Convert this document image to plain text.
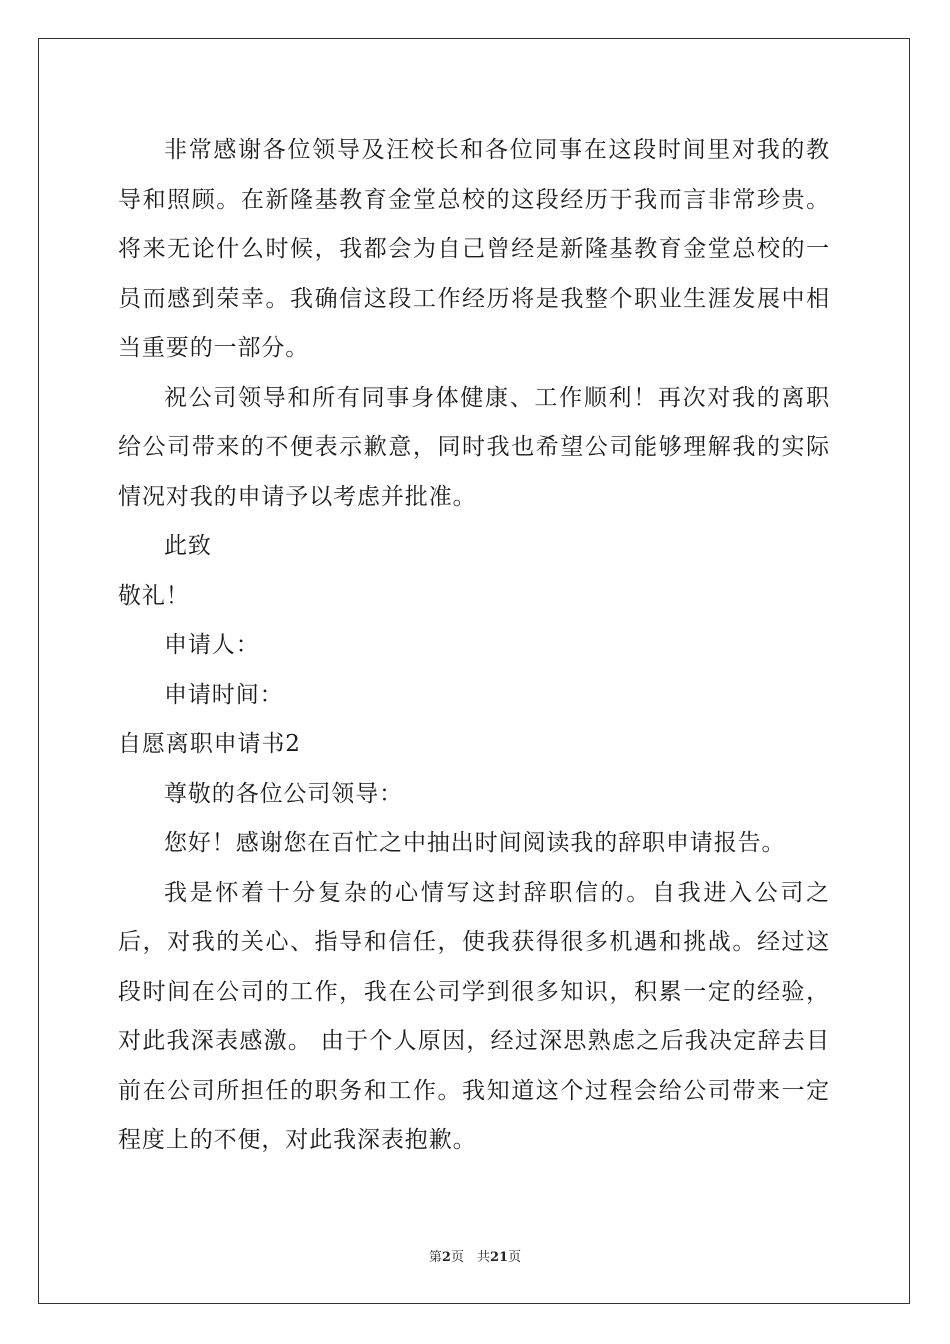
非常感谢各位领导及汪校长和各位同事在这段时间里对我的教导和照顾。在新隆基教育金堂总校的这段经历于我而言非常珍贵。将来无论什么时候，我都会为自己曾经是新隆基教育金堂总校的一员而感到荣幸。我确信这段工作经历将是我整个职业生涯发展中相当重要的一部分。

祝公司领导和所有同事身体健康、工作顺利！再次对我的离职给公司带来的不便表示歉意，同时我也希望公司能够理解我的实际情况对我的申请予以考虑并批准。

此致

敬礼！

申请人：

申请时间：

自愿离职申请书2

尊敬的各位公司领导：

您好！感谢您在百忙之中抽出时间阅读我的辞职申请报告。

我是怀着十分复杂的心情写这封辞职信的。自我进入公司之后，对我的关心、指导和信任，使我获得很多机遇和挑战。经过这段时间在公司的工作，我在公司学到很多知识，积累一定的经验，对此我深表感激。 由于个人原因，经过深思熟虑之后我决定辞去目前在公司所担任的职务和工作。我知道这个过程会给公司带来一定程度上的不便，对此我深表抱歉。

第2页　共21页
